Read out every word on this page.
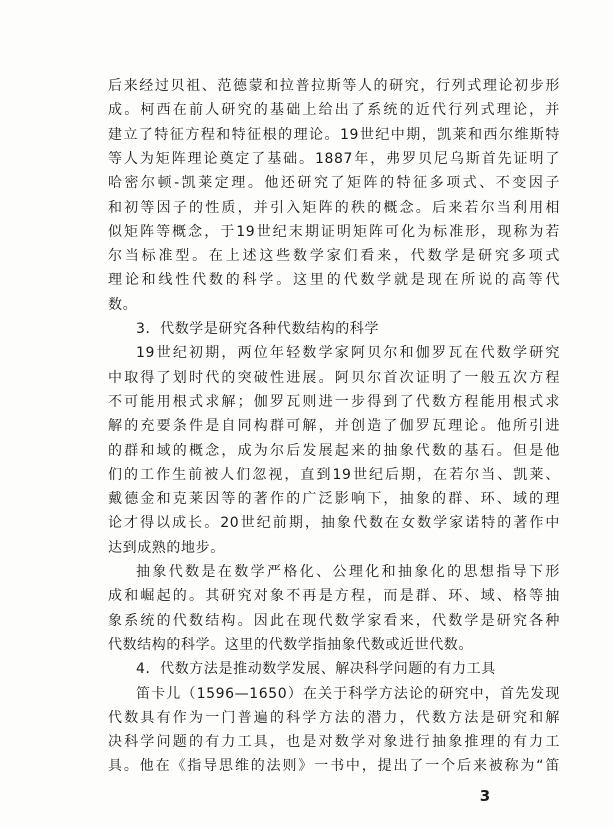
后来经过贝祖、范德蒙和拉普拉斯等人的研究，行列式理论初步形
成。柯西在前人研究的基础上给出了系统的近代行列式理论，并
建立了特征方程和特征根的理论。19世纪中期，凯莱和西尔维斯特
等人为矩阵理论奠定了基础。1887年，弗罗贝尼乌斯首先证明了
哈密尔顿-凯莱定理。他还研究了矩阵的特征多项式、不变因子
和初等因子的性质，并引入矩阵的秩的概念。后来若尔当利用相
似矩阵等概念，于19世纪末期证明矩阵可化为标准形，现称为若
尔当标准型。在上述这些数学家们看来，代数学是研究多项式
理论和线性代数的科学。这里的代数学就是现在所说的高等代
数。
3．代数学是研究各种代数结构的科学
19世纪初期，两位年轻数学家阿贝尔和伽罗瓦在代数学研究
中取得了划时代的突破性进展。阿贝尔首次证明了一般五次方程
不可能用根式求解；伽罗瓦则进一步得到了代数方程能用根式求
解的充要条件是自同构群可解，并创造了伽罗瓦理论。他所引进
的群和域的概念，成为尔后发展起来的抽象代数的基石。但是他
们的工作生前被人们忽视，直到19世纪后期，在若尔当、凯莱、
戴德金和克莱因等的著作的广泛影响下，抽象的群、环、域的理
论才得以成长。20世纪前期，抽象代数在女数学家诺特的著作中
达到成熟的地步。
抽象代数是在数学严格化、公理化和抽象化的思想指导下形
成和崛起的。其研究对象不再是方程，而是群、环、域、格等抽
象系统的代数结构。因此在现代数学家看来，代数学是研究各种
代数结构的科学。这里的代数学指抽象代数或近世代数。
4．代数方法是推动数学发展、解决科学问题的有力工具
笛卡儿（1596—1650）在关于科学方法论的研究中，首先发现
代数具有作为一门普遍的科学方法的潜力，代数方法是研究和解
决科学问题的有力工具，也是对数学对象进行抽象推理的有力工
具。他在《指导思维的法则》一书中，提出了一个后来被称为“笛
3
